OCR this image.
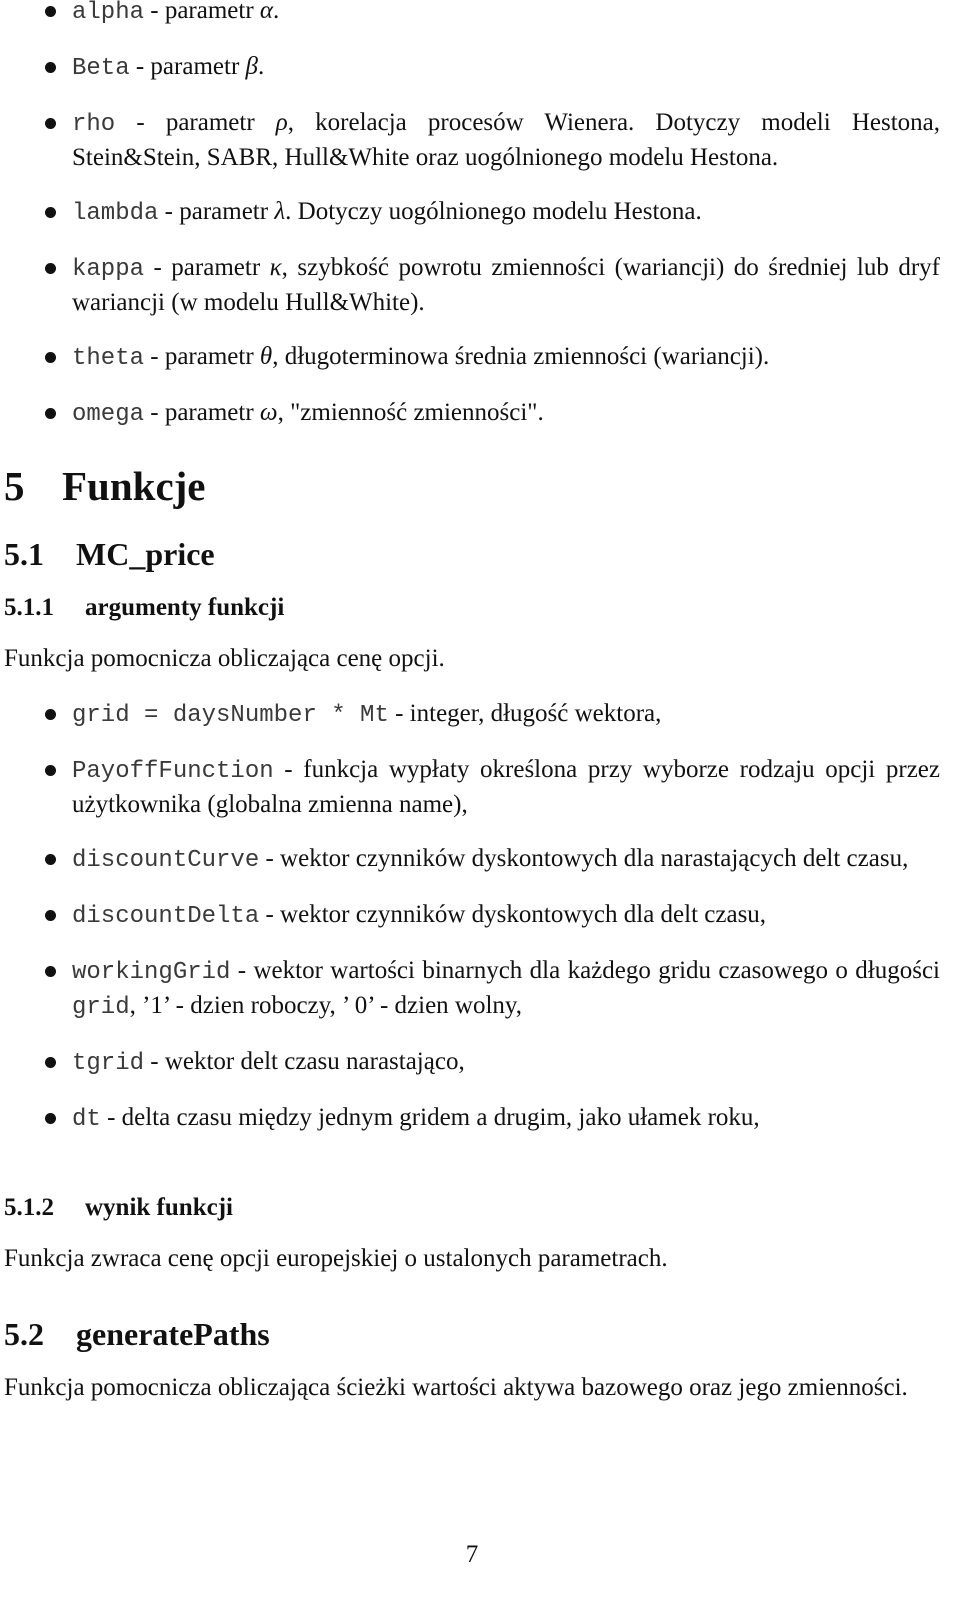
alpha - parametr α.
Beta - parametr β.
rho - parametr ρ, korelacja procesów Wienera. Dotyczy modeli Hestona, Stein&Stein, SABR, Hull&White oraz uogólnionego modelu Hestona.
lambda - parametr λ. Dotyczy uogólnionego modelu Hestona.
kappa - parametr κ, szybkość powrotu zmienności (wariancji) do średniej lub dryf wariancji (w modelu Hull&White).
theta - parametr θ, długoterminowa średnia zmienności (wariancji).
omega - parametr ω, "zmienność zmienności".
5 Funkcje
5.1 MC_price
5.1.1 argumenty funkcji

Funkcja pomocnicza obliczająca cenę opcji.

grid = daysNumber * Mt - integer, długość wektora,
PayoffFunction - funkcja wypłaty określona przy wyborze rodzaju opcji przez użytkownika (globalna zmienna name),
discountCurve - wektor czynników dyskontowych dla narastających delt czasu,
discountDelta - wektor czynników dyskontowych dla delt czasu,
workingGrid - wektor wartości binarnych dla każdego gridu czasowego o długości grid, ’1’ - dzien roboczy, ’ 0’ - dzien wolny,
tgrid - wektor delt czasu narastająco,
dt - delta czasu między jednym gridem a drugim, jako ułamek roku,
5.1.2 wynik funkcji

Funkcja zwraca cenę opcji europejskiej o ustalonych parametrach.

5.2 generatePaths

Funkcja pomocnicza obliczająca ścieżki wartości aktywa bazowego oraz jego zmienności.

7
